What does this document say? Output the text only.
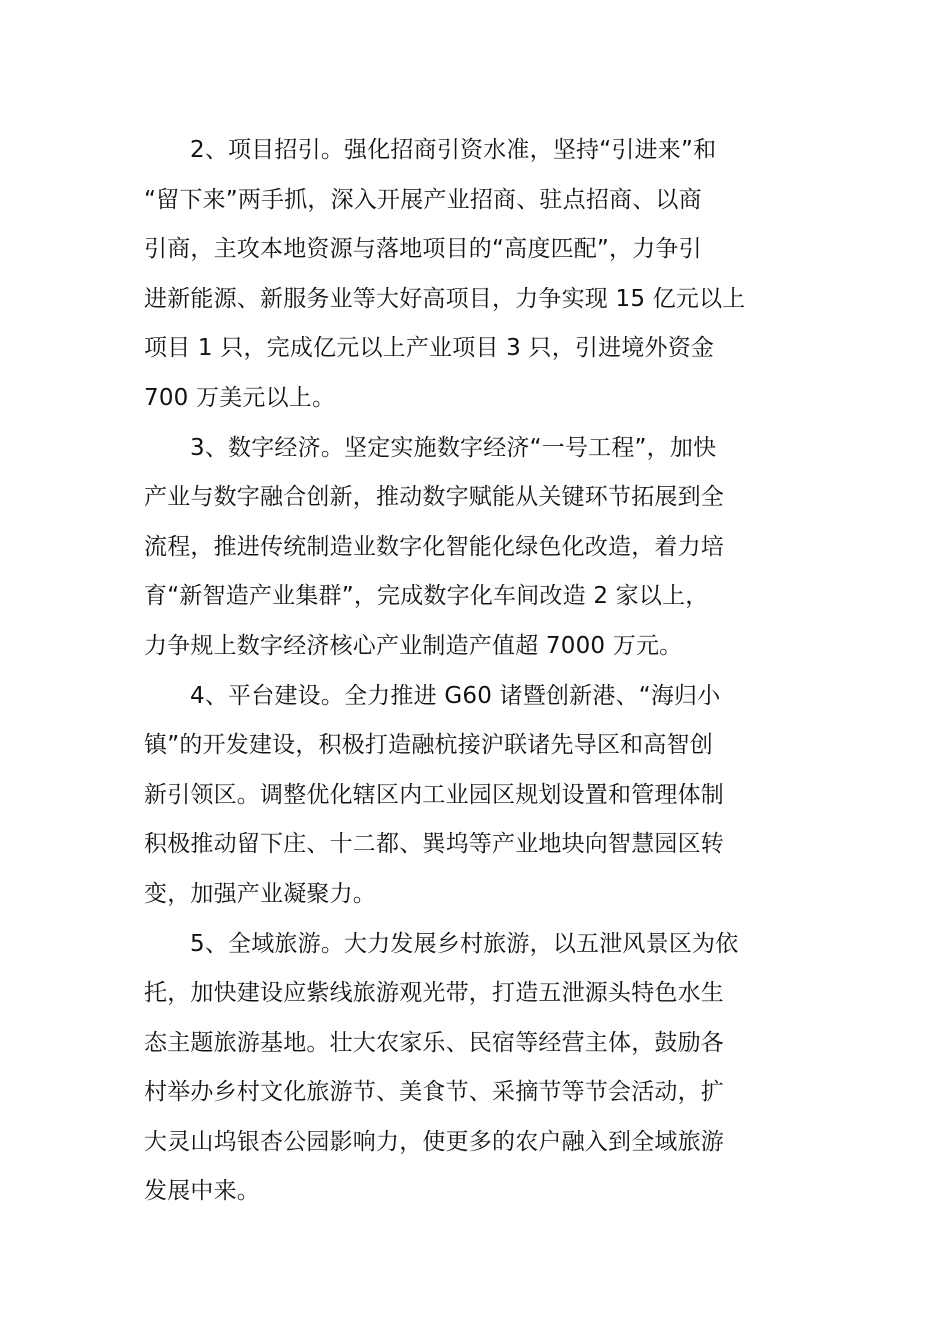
2、项目招引。强化招商引资水准，坚持“引进来”和
“留下来”两手抓，深入开展产业招商、驻点招商、以商
引商，主攻本地资源与落地项目的“高度匹配”，力争引
进新能源、新服务业等大好高项目，力争实现 15 亿元以上
项目 1 只，完成亿元以上产业项目 3 只，引进境外资金
700 万美元以上。

3、数字经济。坚定实施数字经济“一号工程”，加快
产业与数字融合创新，推动数字赋能从关键环节拓展到全
流程，推进传统制造业数字化智能化绿色化改造，着力培
育“新智造产业集群”，完成数字化车间改造 2 家以上，
力争规上数字经济核心产业制造产值超 7000 万元。

4、平台建设。全力推进 G60 诸暨创新港、“海归小
镇”的开发建设，积极打造融杭接沪联诸先导区和高智创
新引领区。调整优化辖区内工业园区规划设置和管理体制
积极推动留下庄、十二都、巽坞等产业地块向智慧园区转
变，加强产业凝聚力。

5、全域旅游。大力发展乡村旅游，以五泄风景区为依
托，加快建设应紫线旅游观光带，打造五泄源头特色水生
态主题旅游基地。壮大农家乐、民宿等经营主体，鼓励各
村举办乡村文化旅游节、美食节、采摘节等节会活动，扩
大灵山坞银杏公园影响力，使更多的农户融入到全域旅游
发展中来。
